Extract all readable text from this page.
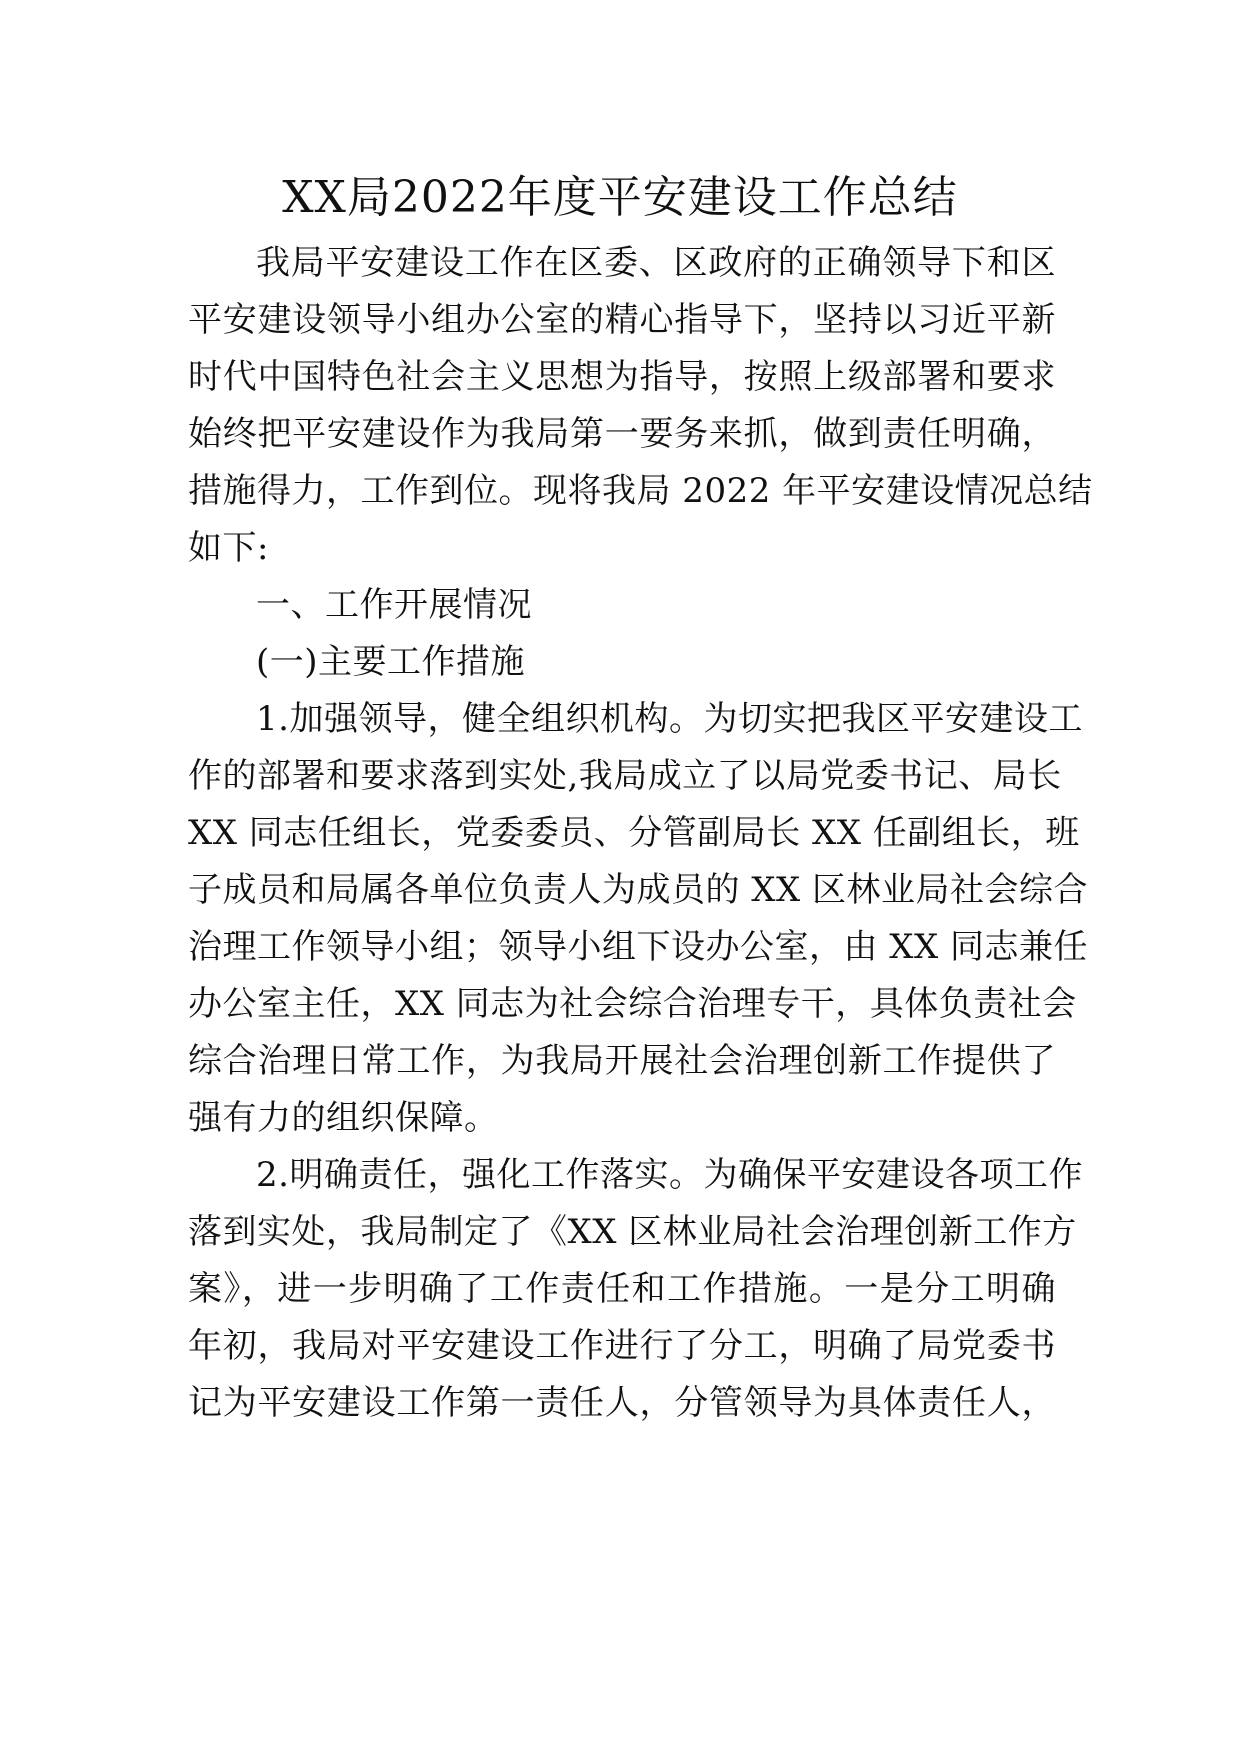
XX局2022年度平安建设工作总结
我局平安建设工作在区委、区政府的正确领导下和区
平安建设领导小组办公室的精心指导下，坚持以习近平新
时代中国特色社会主义思想为指导，按照上级部署和要求
始终把平安建设作为我局第一要务来抓，做到责任明确，
措施得力，工作到位。现将我局 2022 年平安建设情况总结
如下:
一、工作开展情况
(一)主要工作措施
1.加强领导，健全组织机构。为切实把我区平安建设工
作的部署和要求落到实处,我局成立了以局党委书记、局长
XX 同志任组长，党委委员、分管副局长 XX 任副组长，班
子成员和局属各单位负责人为成员的 XX 区林业局社会综合
治理工作领导小组；领导小组下设办公室，由 XX 同志兼任
办公室主任，XX 同志为社会综合治理专干，具体负责社会
综合治理日常工作，为我局开展社会治理创新工作提供了
强有力的组织保障。
2.明确责任，强化工作落实。为确保平安建设各项工作
落到实处，我局制定了《XX 区林业局社会治理创新工作方
案》，进一步明确了工作责任和工作措施。一是分工明确
年初，我局对平安建设工作进行了分工，明确了局党委书
记为平安建设工作第一责任人，分管领导为具体责任人，
